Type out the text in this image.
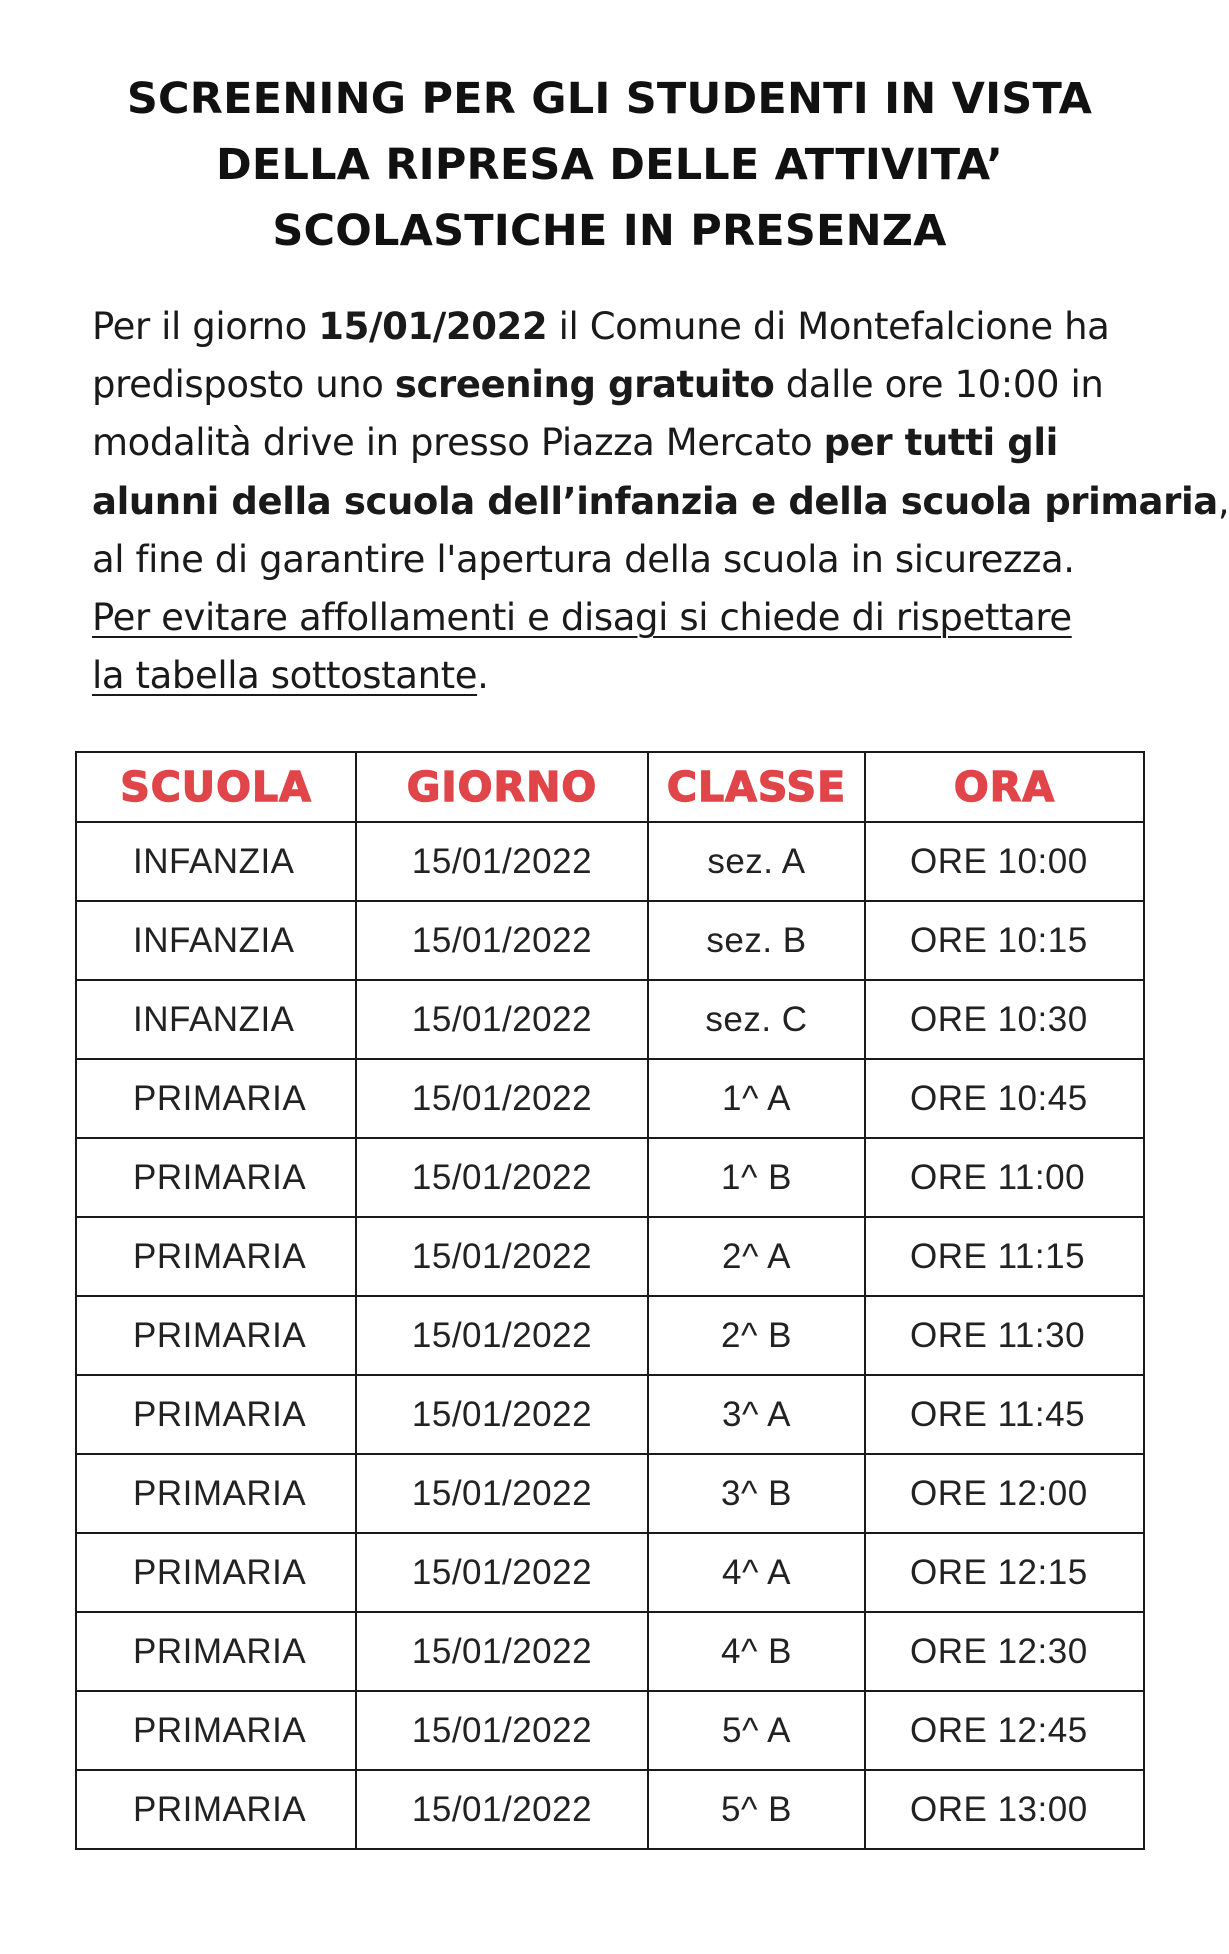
SCREENING PER GLI STUDENTI IN VISTA
DELLA RIPRESA DELLE ATTIVITA’
SCOLASTICHE IN PRESENZA

Per il giorno 15/01/2022 il Comune di Montefalcione ha
predisposto uno screening gratuito dalle ore 10:00 in
modalità drive in presso Piazza Mercato per tutti gli
alunni della scuola dell’infanzia e della scuola primaria,
al fine di garantire l'apertura della scuola in sicurezza.
Per evitare affollamenti e disagi si chiede di rispettare
la tabella sottostante.

SCUOLA	GIORNO	CLASSE	ORA
INFANZIA	15/01/2022	sez. A	ORE 10:00
INFANZIA	15/01/2022	sez. B	ORE 10:15
INFANZIA	15/01/2022	sez. C	ORE 10:30
PRIMARIA	15/01/2022	1^ A	ORE 10:45
PRIMARIA	15/01/2022	1^ B	ORE 11:00
PRIMARIA	15/01/2022	2^ A	ORE 11:15
PRIMARIA	15/01/2022	2^ B	ORE 11:30
PRIMARIA	15/01/2022	3^ A	ORE 11:45
PRIMARIA	15/01/2022	3^ B	ORE 12:00
PRIMARIA	15/01/2022	4^ A	ORE 12:15
PRIMARIA	15/01/2022	4^ B	ORE 12:30
PRIMARIA	15/01/2022	5^ A	ORE 12:45
PRIMARIA	15/01/2022	5^ B	ORE 13:00
